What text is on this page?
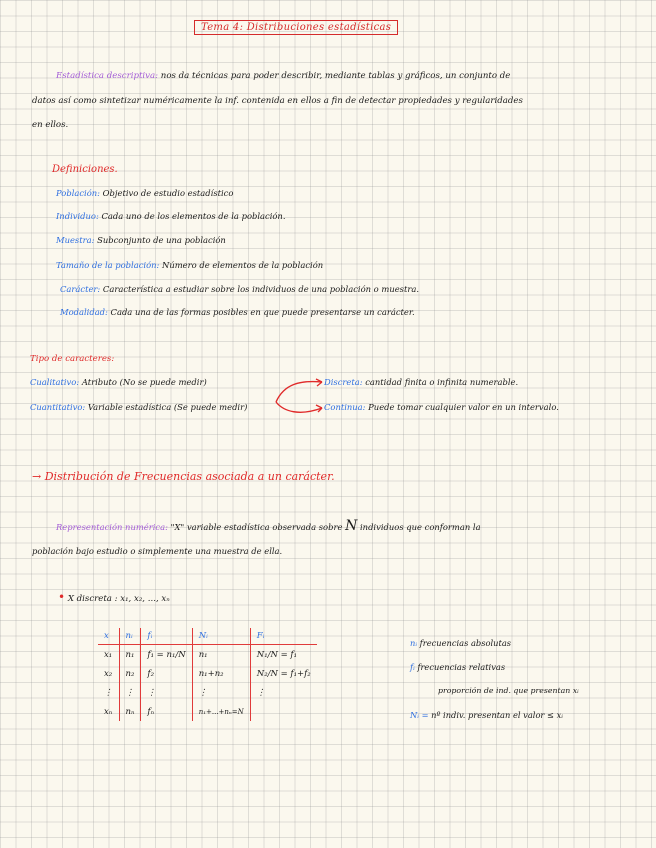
Tema 4: Distribuciones estadísticas
Estadística descriptiva: nos da técnicas para poder describir, mediante tablas y gráficos, un conjunto de
datos así como sintetizar numéricamente la inf. contenida en ellos a fin de detectar propiedades y regularidades
en ellos.
Definiciones.
Población: Objetivo de estudio estadístico
Individuo: Cada uno de los elementos de la población.
Muestra: Subconjunto de una población
Tamaño de la población: Número de elementos de la población
Carácter: Característica a estudiar sobre los individuos de una población o muestra.
Modalidad: Cada una de las formas posibles en que puede presentarse un carácter.
Tipo de caracteres:
Cualitativo: Atributo (No se puede medir)
Cuantitativo: Variable estadística (Se puede medir)
Discreta: cantidad finita o infinita numerable.
Continua: Puede tomar cualquier valor en un intervalo.
→ Distribución de Frecuencias asociada a un carácter.
Representación numérica: "X" variable estadística observada sobre N individuos que conforman la
población bajo estudio o simplemente una muestra de ella.
• X discreta : x₁, x₂, ..., xₙ
x	nᵢ	fᵢ	Nᵢ	Fᵢ
x₁	n₁	f₁ = n₁/N	n₁	N₁/N = f₁
x₂	n₂	f₂	n₁+n₂	N₂/N = f₁+f₂
⋮	⋮	⋮	⋮	⋮
xₙ	nₙ	fₙ	n₁+...+nₙ=N	
nᵢ frecuencias absolutas
fᵢ frecuencias relativas
proporción de ind. que presentan xᵢ
Nᵢ = nº indiv. presentan el valor ≤ xᵢ
